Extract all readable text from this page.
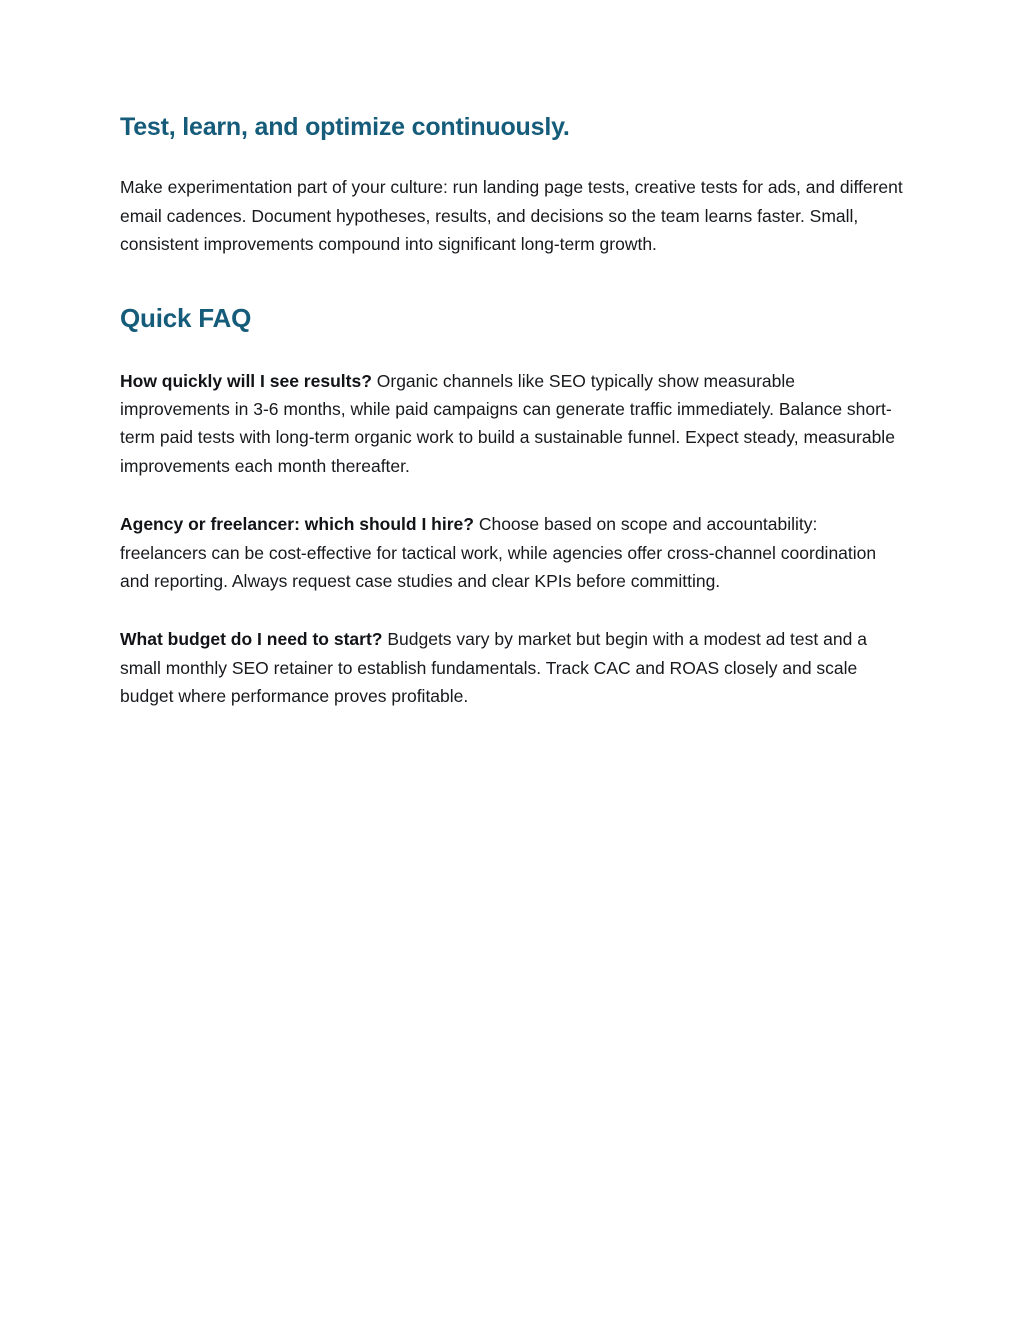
Test, learn, and optimize continuously.

Make experimentation part of your culture: run landing page tests, creative tests for ads, and different email cadences. Document hypotheses, results, and decisions so the team learns faster. Small, consistent improvements compound into significant long-term growth.

Quick FAQ

How quickly will I see results? Organic channels like SEO typically show measurable improvements in 3-6 months, while paid campaigns can generate traffic immediately. Balance short-term paid tests with long-term organic work to build a sustainable funnel. Expect steady, measurable improvements each month thereafter.

Agency or freelancer: which should I hire? Choose based on scope and accountability: freelancers can be cost-effective for tactical work, while agencies offer cross-channel coordination and reporting. Always request case studies and clear KPIs before committing.

What budget do I need to start? Budgets vary by market but begin with a modest ad test and a small monthly SEO retainer to establish fundamentals. Track CAC and ROAS closely and scale budget where performance proves profitable.
